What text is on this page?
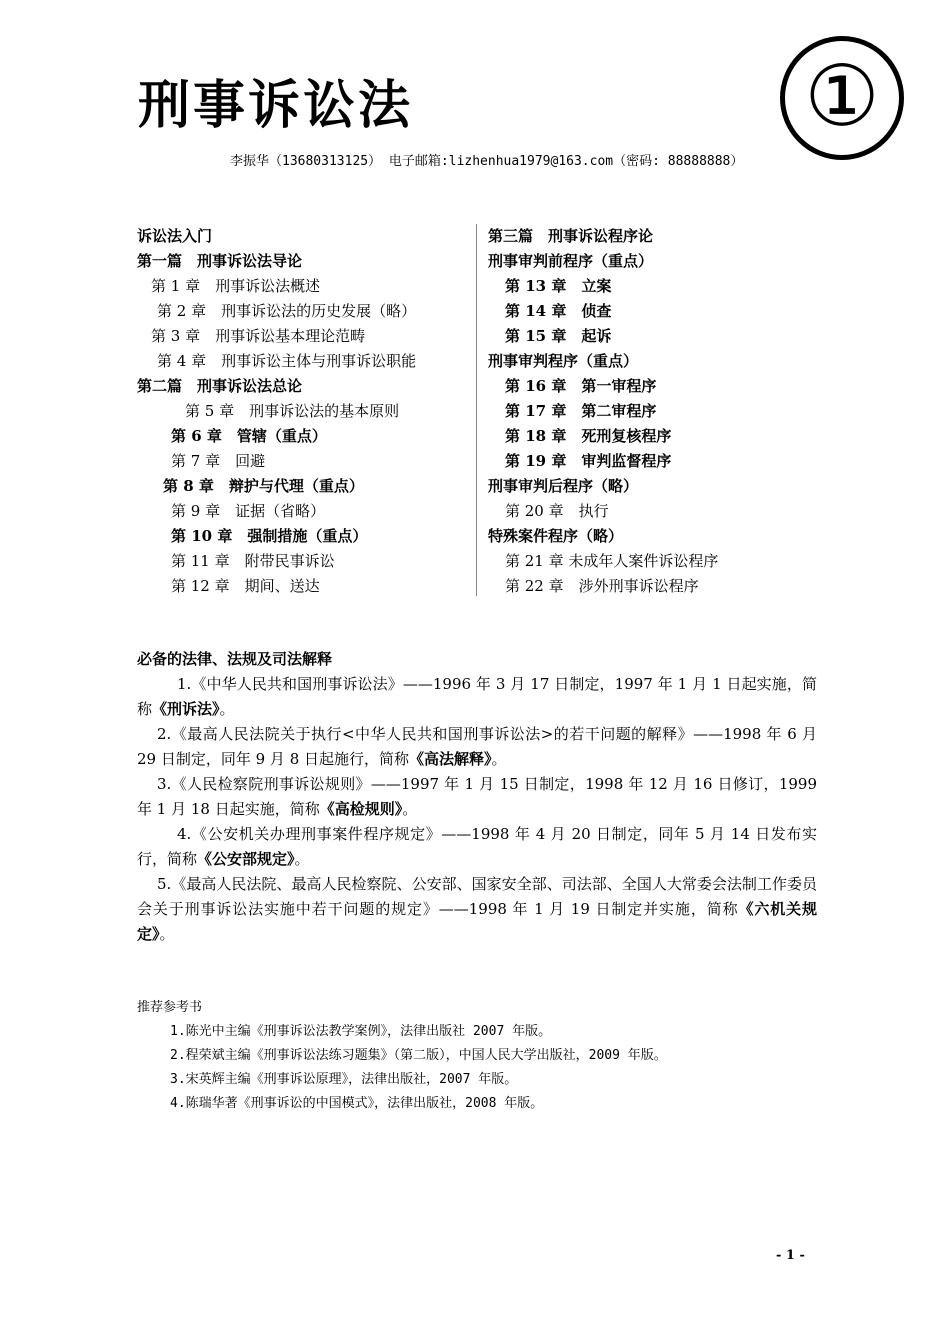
刑事诉讼法	①
李振华（13680313125） 电子邮箱:lizhenhua1979@163.com（密码: 88888888）
诉讼法入门
第一篇　刑事诉讼法导论
第 1 章　刑事诉讼法概述
第 2 章　刑事诉讼法的历史发展（略）
第 3 章　刑事诉讼基本理论范畴
第 4 章　刑事诉讼主体与刑事诉讼职能
第二篇　刑事诉讼法总论
第 5 章　刑事诉讼法的基本原则
第 6 章　管辖（重点）
第 7 章　回避
第 8 章　辩护与代理（重点）
第 9 章　证据（省略）
第 10 章　强制措施（重点）
第 11 章　附带民事诉讼
第 12 章　期间、送达
第三篇　刑事诉讼程序论
刑事审判前程序（重点）
第 13 章　立案
第 14 章　侦查
第 15 章　起诉
刑事审判程序（重点）
第 16 章　第一审程序
第 17 章　第二审程序
第 18 章　死刑复核程序
第 19 章　审判监督程序
刑事审判后程序（略）
第 20 章　执行
特殊案件程序（略）
第 21 章 未成年人案件诉讼程序
第 22 章　涉外刑事诉讼程序
必备的法律、法规及司法解释
1.《中华人民共和国刑事诉讼法》——1996 年 3 月 17 日制定，1997 年 1 月 1 日起实施，简称《刑诉法》。
2.《最高人民法院关于执行<中华人民共和国刑事诉讼法>的若干问题的解释》——1998 年 6 月 29 日制定，同年 9 月 8 日起施行，简称《高法解释》。
3.《人民检察院刑事诉讼规则》——1997 年 1 月 15 日制定，1998 年 12 月 16 日修订，1999 年 1 月 18 日起实施，简称《高检规则》。
4.《公安机关办理刑事案件程序规定》——1998 年 4 月 20 日制定，同年 5 月 14 日发布实行，简称《公安部规定》。
5.《最高人民法院、最高人民检察院、公安部、国家安全部、司法部、全国人大常委会法制工作委员会关于刑事诉讼法实施中若干问题的规定》——1998 年 1 月 19 日制定并实施，简称《六机关规定》。
推荐参考书
1.陈光中主编《刑事诉讼法教学案例》，法律出版社 2007 年版。
2.程荣斌主编《刑事诉讼法练习题集》（第二版），中国人民大学出版社，2009 年版。
3.宋英辉主编《刑事诉讼原理》，法律出版社，2007 年版。
4.陈瑞华著《刑事诉讼的中国模式》，法律出版社，2008 年版。
- 1 -
